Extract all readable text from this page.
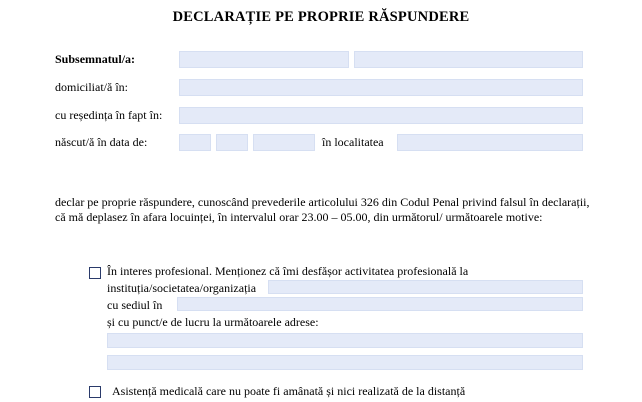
DECLARAȚIE PE PROPRIE RĂSPUNDERE
Subsemnatul/a:
domiciliat/ă în:
cu reședința în fapt în:
născut/ă în data de:	în localitatea
declar pe proprie răspundere, cunoscând prevederile articolului 326 din Codul Penal privind falsul în declarații, că mă deplasez în afara locuinței, în intervalul orar 23.00 – 05.00, din următorul/ următoarele motive:
În interes profesional. Menționez că îmi desfășor activitatea profesională la
instituția/societatea/organizația
cu sediul în
și cu punct/e de lucru la următoarele adrese:
Asistență medicală care nu poate fi amânată și nici realizată de la distanță
